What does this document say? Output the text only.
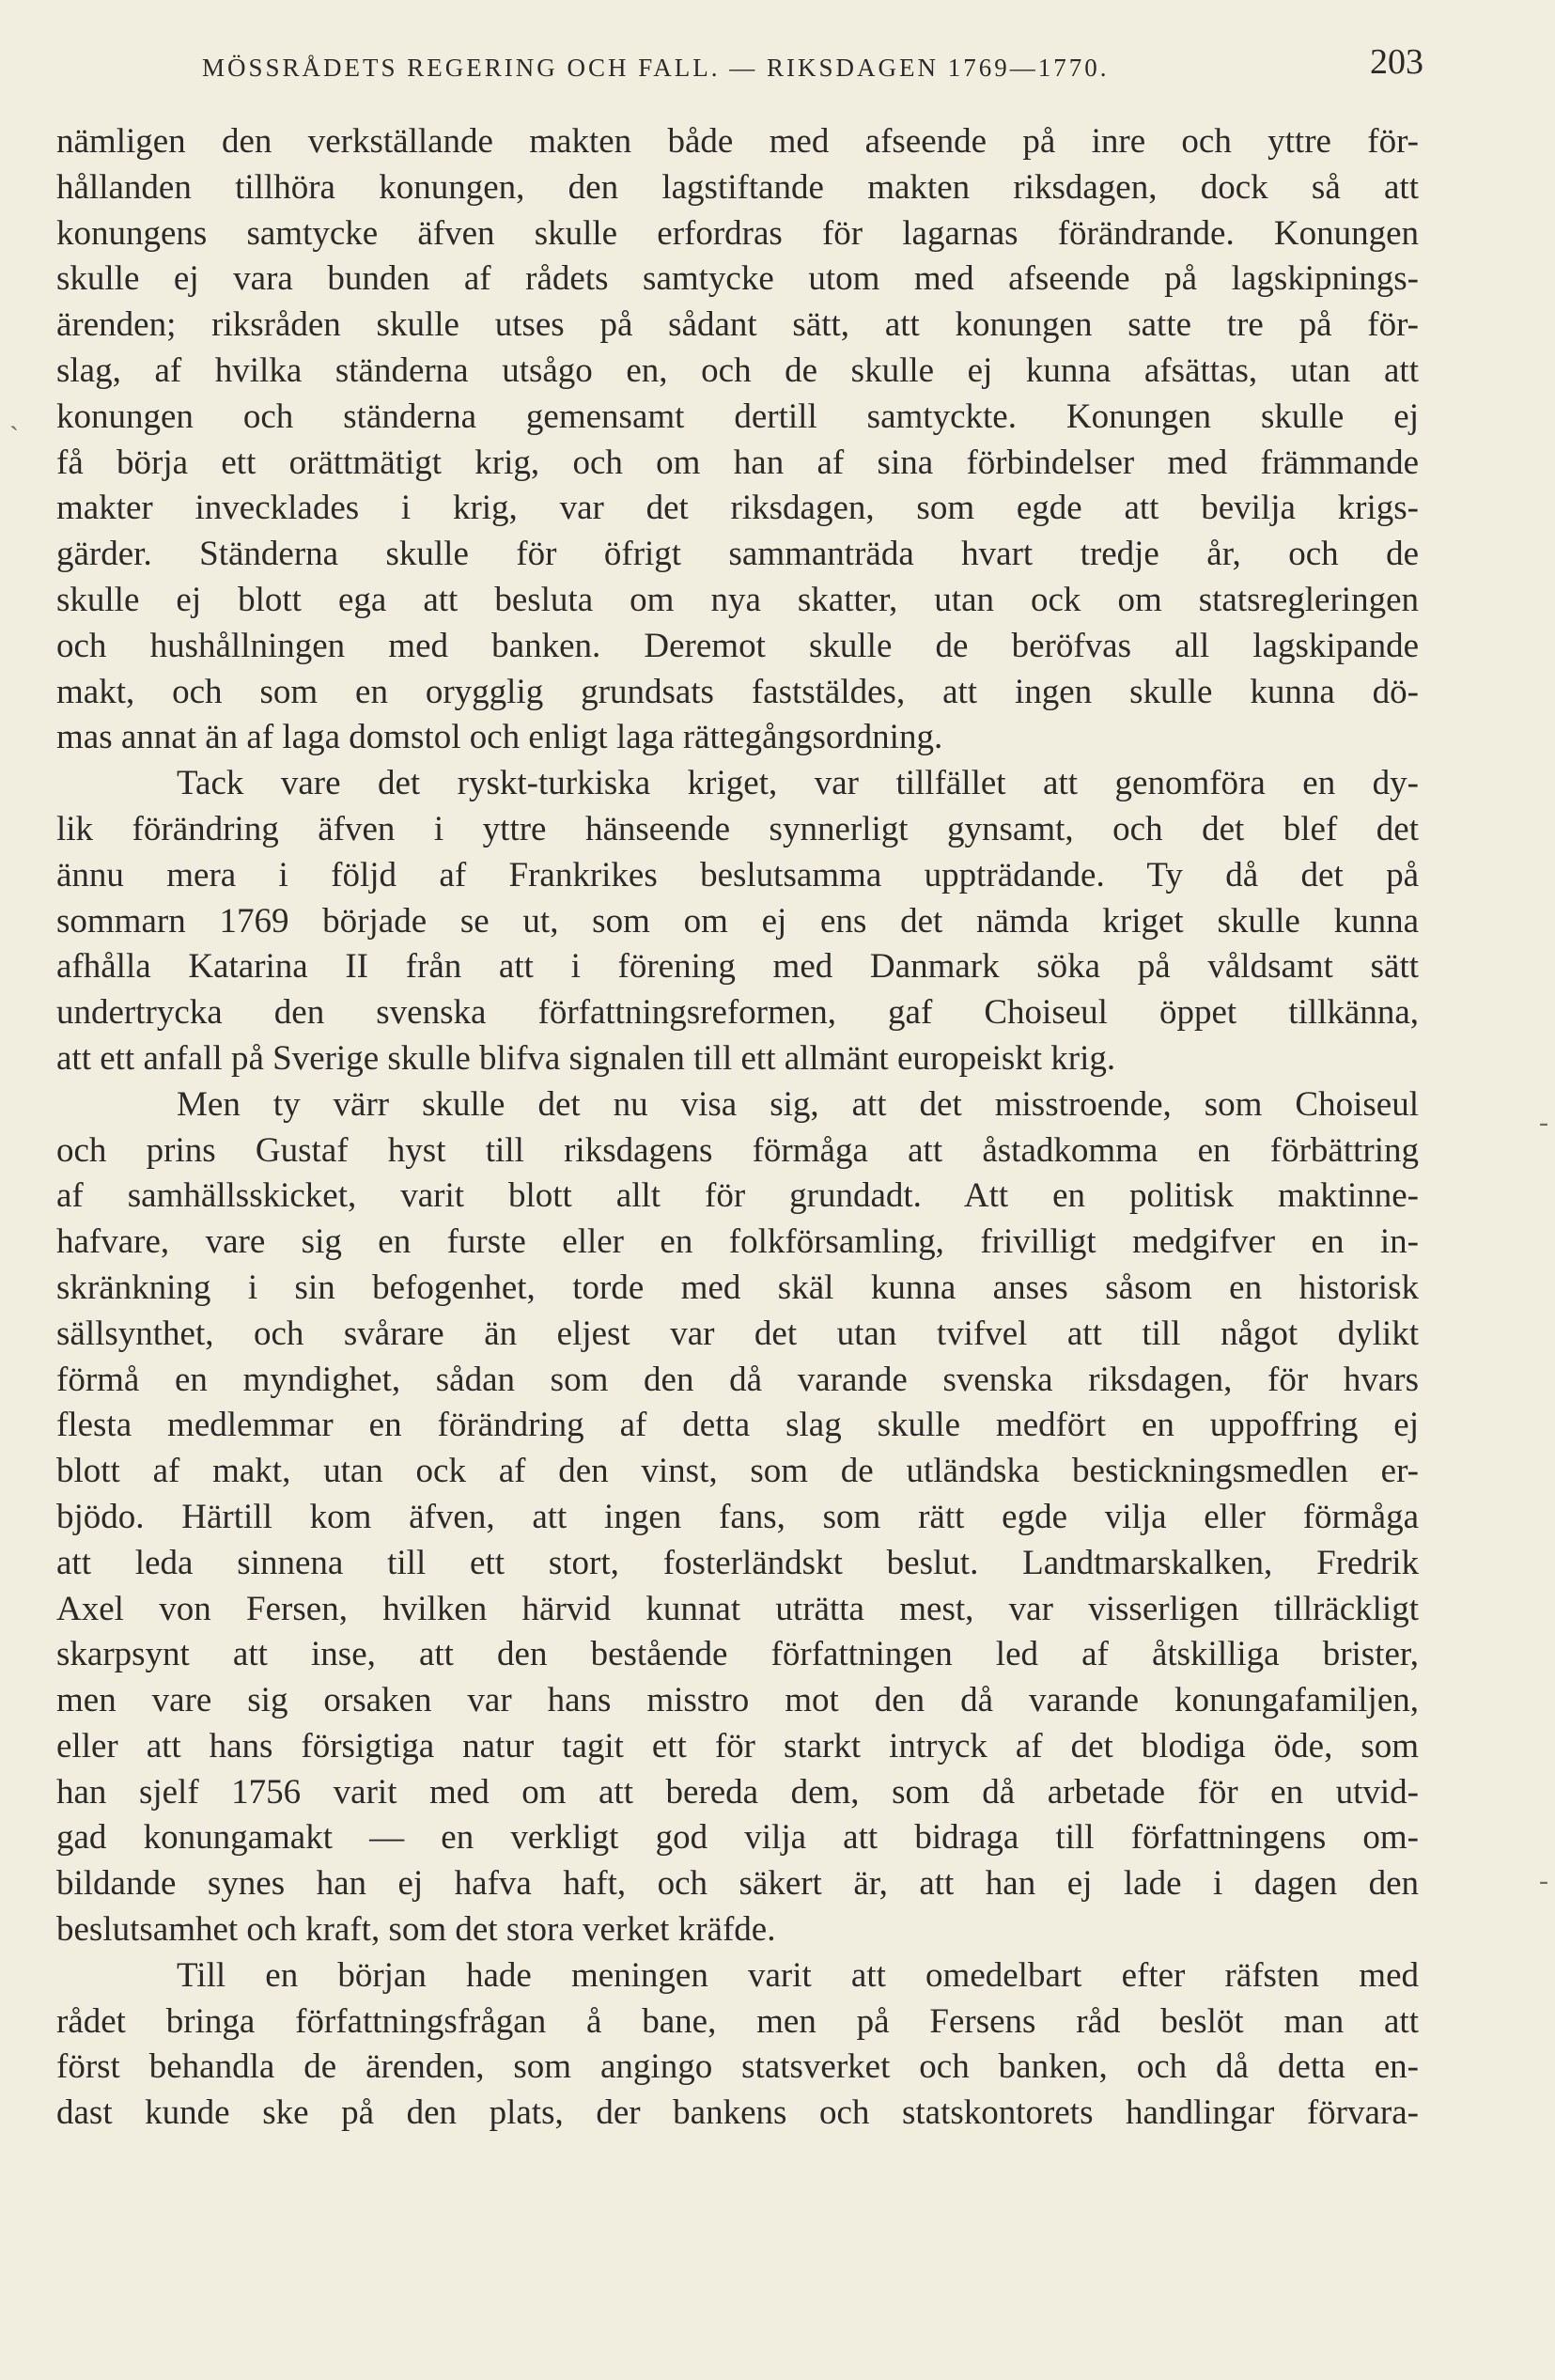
MÖSSRÅDETS REGERING OCH FALL. — RIKSDAGEN 1769—1770.	203
`
-
-
nämligen den verkställande makten både med afseende på inre och yttre för-
hållanden tillhöra konungen, den lagstiftande makten riksdagen, dock så att
konungens samtycke äfven skulle erfordras för lagarnas förändrande. Konungen
skulle ej vara bunden af rådets samtycke utom med afseende på lagskipnings-
ärenden; riksråden skulle utses på sådant sätt, att konungen satte tre på för-
slag, af hvilka ständerna utsågo en, och de skulle ej kunna afsättas, utan att
konungen och ständerna gemensamt dertill samtyckte. Konungen skulle ej
få börja ett orättmätigt krig, och om han af sina förbindelser med främmande
makter invecklades i krig, var det riksdagen, som egde att bevilja krigs-
gärder. Ständerna skulle för öfrigt sammanträda hvart tredje år, och de
skulle ej blott ega att besluta om nya skatter, utan ock om statsregleringen
och hushållningen med banken. Deremot skulle de beröfvas all lagskipande
makt, och som en orygglig grundsats faststäldes, att ingen skulle kunna dö-
mas annat än af laga domstol och enligt laga rättegångsordning.
Tack vare det ryskt-turkiska kriget, var tillfället att genomföra en dy-
lik förändring äfven i yttre hänseende synnerligt gynsamt, och det blef det
ännu mera i följd af Frankrikes beslutsamma uppträdande. Ty då det på
sommarn 1769 började se ut, som om ej ens det nämda kriget skulle kunna
afhålla Katarina II från att i förening med Danmark söka på våldsamt sätt
undertrycka den svenska författningsreformen, gaf Choiseul öppet tillkänna,
att ett anfall på Sverige skulle blifva signalen till ett allmänt europeiskt krig.
Men ty värr skulle det nu visa sig, att det misstroende, som Choiseul
och prins Gustaf hyst till riksdagens förmåga att åstadkomma en förbättring
af samhällsskicket, varit blott allt för grundadt. Att en politisk maktinne-
hafvare, vare sig en furste eller en folkförsamling, frivilligt medgifver en in-
skränkning i sin befogenhet, torde med skäl kunna anses såsom en historisk
sällsynthet, och svårare än eljest var det utan tvifvel att till något dylikt
förmå en myndighet, sådan som den då varande svenska riksdagen, för hvars
flesta medlemmar en förändring af detta slag skulle medfört en uppoffring ej
blott af makt, utan ock af den vinst, som de utländska bestickningsmedlen er-
bjödo. Härtill kom äfven, att ingen fans, som rätt egde vilja eller förmåga
att leda sinnena till ett stort, fosterländskt beslut. Landtmarskalken, Fredrik
Axel von Fersen, hvilken härvid kunnat uträtta mest, var visserligen tillräckligt
skarpsynt att inse, att den bestående författningen led af åtskilliga brister,
men vare sig orsaken var hans misstro mot den då varande konungafamiljen,
eller att hans försigtiga natur tagit ett för starkt intryck af det blodiga öde, som
han sjelf 1756 varit med om att bereda dem, som då arbetade för en utvid-
gad konungamakt — en verkligt god vilja att bidraga till författningens om-
bildande synes han ej hafva haft, och säkert är, att han ej lade i dagen den
beslutsamhet och kraft, som det stora verket kräfde.
Till en början hade meningen varit att omedelbart efter räfsten med
rådet bringa författningsfrågan å bane, men på Fersens råd beslöt man att
först behandla de ärenden, som angingo statsverket och banken, och då detta en-
dast kunde ske på den plats, der bankens och statskontorets handlingar förvara-
